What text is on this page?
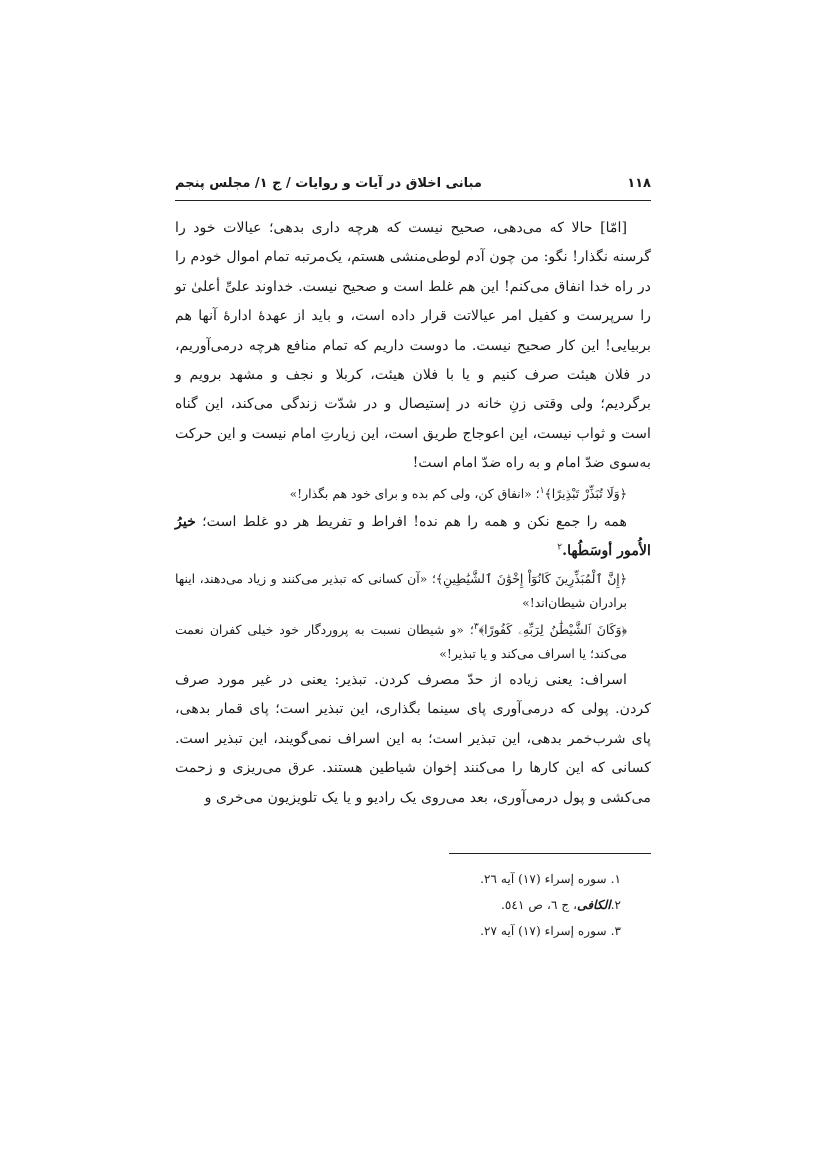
۱۱۸
مبانی اخلاق در آیات و روایات / ج ۱/ مجلس پنجم

[امّا] حالا که می‌دهی، صحیح نیست که هرچه داری بدهی؛ عیالات خود را گرسنه نگذار! نگو: من چون آدم لوطی‌منشی هستم، یک‌مرتبه تمام اموال خودم را در راه خدا انفاق می‌کنم! این هم غلط است و صحیح نیست. خداوند علیِّ أعلیٰ تو را سرپرست و کفیل امر عیالاتت قرار داده است، و باید از عهدهٔ ادارهٔ آنها هم بربیایی! این کار صحیح نیست. ما دوست داریم که تمام منافع هرچه درمی‌آوریم، در فلان هیئت صرف کنیم و یا با فلان هیئت، کربلا و نجف و مشهد برویم و برگردیم؛ ولی وقتی زنِ خانه در إستیصال و در شدّت زندگی می‌کند، این گناه است و ثواب نیست، این اعوجاج طریق است، این زیارتِ امام نیست و این حرکت به‌سوی ضدّ امام و به راه ضدّ امام است!

﴿وَلَا تُبَذِّرْ تَبْذِيرًا﴾$^۱$؛ «انفاق کن، ولی کم بده و برای خود هم بگذار!»

همه را جمع نکن و همه را هم نده! افراط و تفریط هر دو غلط است؛ خیرُ الأُمور أوسَطُها.$^۲$

﴿إِنَّ ٱلْمُبَذِّرِينَ كَانُوٓاْ إِخْوَٰنَ ٱلشَّيَٰطِينِ﴾؛ «آن کسانی که تبذیر می‌کنند و زیاد می‌دهند، اینها برادران شیطان‌اند!»

﴿وَكَانَ ٱلشَّيْطَٰنُ لِرَبِّهِۦ كَفُورًا﴾$^۳$؛ «و شیطان نسبت به پروردگار خود خیلی کفران نعمت می‌کند؛ یا اسراف می‌کند و یا تبذیر!»

اسراف: یعنی زیاده از حدّ مصرف کردن. تبذیر: یعنی در غیر مورد صرف کردن. پولی که درمی‌آوری پای سینما بگذاری، این تبذیر است؛ پای قمار بدهی، پای شرب‌خمر بدهی، این تبذیر است؛ به این اسراف نمی‌گویند، این تبذیر است. کسانی که این کارها را می‌کنند إخوان شیاطین هستند. عرق می‌ریزی و زحمت می‌کشی و پول درمی‌آوری، بعد می‌روی یک رادیو و یا یک تلویزیون می‌خری و

۱. سوره إسراء (۱۷) آیه ۲٦.
۲.الکافی، ج ٦، ص ٥٤١.
۳. سوره إسراء (۱۷) آیه ۲۷.
